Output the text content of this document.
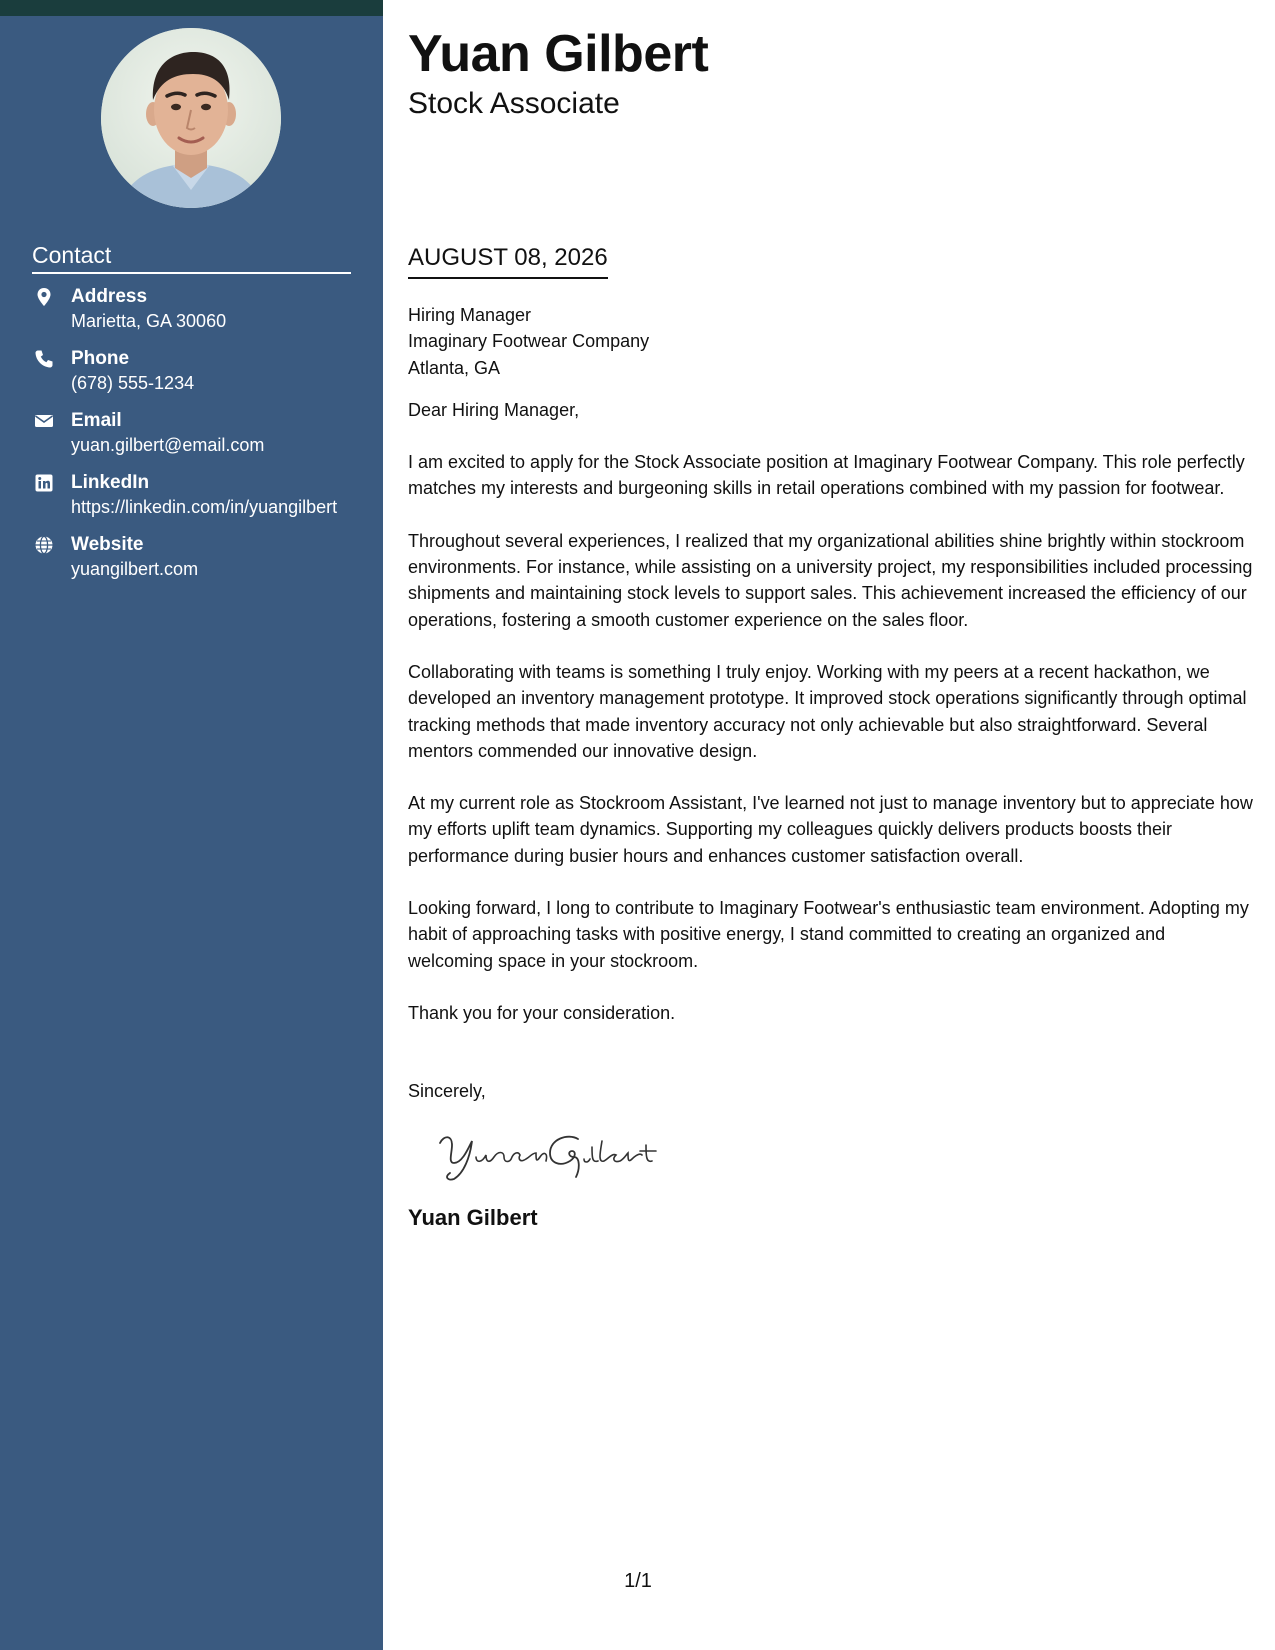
Contact
Address
Marietta, GA 30060
Phone
(678) 555-1234
Email
yuan.gilbert@email.com
LinkedIn
https://linkedin.com/in/yuangilbert
Website
yuangilbert.com
Yuan Gilbert
Stock Associate
AUGUST 08, 2026

Hiring Manager

Imaginary Footwear Company

Atlanta, GA

Dear Hiring Manager,

I am excited to apply for the Stock Associate position at Imaginary Footwear Company. This role perfectly matches my interests and burgeoning skills in retail operations combined with my passion for footwear.

Throughout several experiences, I realized that my organizational abilities shine brightly within stockroom environments. For instance, while assisting on a university project, my responsibilities included processing shipments and maintaining stock levels to support sales. This achievement increased the efficiency of our operations, fostering a smooth customer experience on the sales floor.

Collaborating with teams is something I truly enjoy. Working with my peers at a recent hackathon, we developed an inventory management prototype. It improved stock operations significantly through optimal tracking methods that made inventory accuracy not only achievable but also straightforward. Several mentors commended our innovative design.

At my current role as Stockroom Assistant, I've learned not just to manage inventory but to appreciate how my efforts uplift team dynamics. Supporting my colleagues quickly delivers products boosts their performance during busier hours and enhances customer satisfaction overall.

Looking forward, I long to contribute to Imaginary Footwear's enthusiastic team environment. Adopting my habit of approaching tasks with positive energy, I stand committed to creating an organized and welcoming space in your stockroom.

Thank you for your consideration.

Sincerely,

Yuan Gilbert
1/1
